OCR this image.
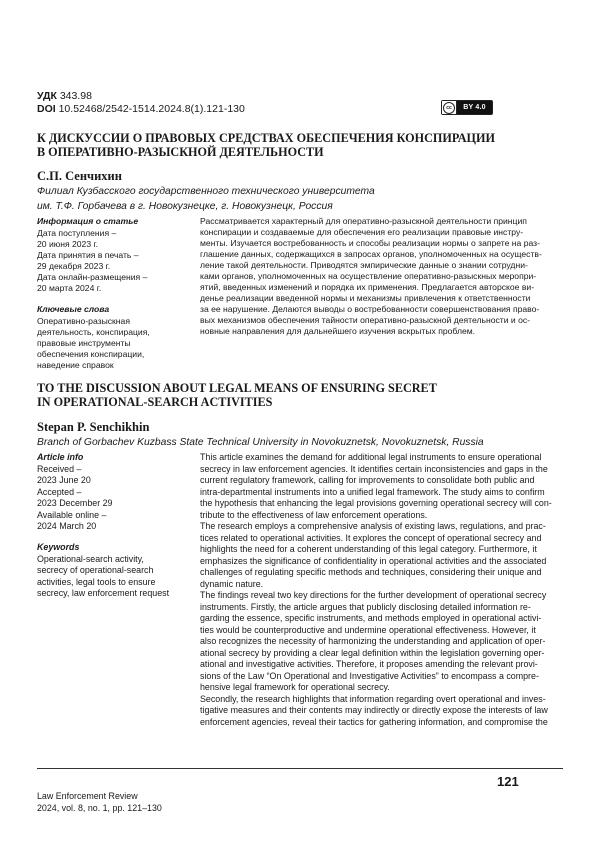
УДК 343.98
DOI 10.52468/2542-1514.2024.8(1).121-130	cc	BY 4.0
К ДИСКУССИИ О ПРАВОВЫХ СРЕДСТВАХ ОБЕСПЕЧЕНИЯ КОНСПИРАЦИИ
В ОПЕРАТИВНО-РАЗЫСКНОЙ ДЕЯТЕЛЬНОСТИ
С.П. Сенчихин
Филиал Кузбасского государственного технического университета
им. Т.Ф. Горбачева в г. Новокузнецке, г. Новокузнецк, Россия
Информация о статье
Дата поступления –
20 июня 2023 г.
Дата принятия в печать –
29 декабря 2023 г.
Дата онлайн-размещения –
20 марта 2024 г.
Ключевые слова
Оперативно-разыскная
деятельность, конспирация,
правовые инструменты
обеспечения конспирации,
наведение справок

Рассматривается характерный для оперативно-разыскной деятельности принцип

конспирации и создаваемые для обеспечения его реализации правовые инстру-

менты. Изучается востребованность и способы реализации нормы о запрете на раз-

глашение данных, содержащихся в запросах органов, уполномоченных на осуществ-

ление такой деятельности. Приводятся эмпирические данные о знании сотрудни-

ками органов, уполномоченных на осуществление оперативно-разыскных меропри-

ятий, введенных изменений и порядка их применения. Предлагается авторское ви-

денье реализации введенной нормы и механизмы привлечения к ответственности

за ее нарушение. Делаются выводы о востребованности совершенствования право-

вых механизмов обеспечения тайности оперативно-разыскной деятельности и ос-

новные направления для дальнейшего изучения вскрытых проблем.

TO THE DISCUSSION ABOUT LEGAL MEANS OF ENSURING SECRET
IN OPERATIONAL-SEARCH ACTIVITIES
Stepan P. Senchikhin
Branch of Gorbachev Kuzbass State Technical University in Novokuznetsk, Novokuznetsk, Russia
Article info
Received –
2023 June 20
Accepted –
2023 December 29
Available online –
2024 March 20
Keywords
Operational-search activity,
secrecy of operational-search
activities, legal tools to ensure
secrecy, law enforcement request

This article examines the demand for additional legal instruments to ensure operational

secrecy in law enforcement agencies. It identifies certain inconsistencies and gaps in the

current regulatory framework, calling for improvements to consolidate both public and

intra-departmental instruments into a unified legal framework. The study aims to confirm

the hypothesis that enhancing the legal provisions governing operational secrecy will con-

tribute to the effectiveness of law enforcement operations.

The research employs a comprehensive analysis of existing laws, regulations, and prac-

tices related to operational activities. It explores the concept of operational secrecy and

highlights the need for a coherent understanding of this legal category. Furthermore, it

emphasizes the significance of confidentiality in operational activities and the associated

challenges of regulating specific methods and techniques, considering their unique and

dynamic nature.

The findings reveal two key directions for the further development of operational secrecy

instruments. Firstly, the article argues that publicly disclosing detailed information re-

garding the essence, specific instruments, and methods employed in operational activi-

ties would be counterproductive and undermine operational effectiveness. However, it

also recognizes the necessity of harmonizing the understanding and application of oper-

ational secrecy by providing a clear legal definition within the legislation governing oper-

ational and investigative activities. Therefore, it proposes amending the relevant provi-

sions of the Law “On Operational and Investigative Activities” to encompass a compre-

hensive legal framework for operational secrecy.

Secondly, the research highlights that information regarding overt operational and inves-

tigative measures and their contents may indirectly or directly expose the interests of law

enforcement agencies, reveal their tactics for gathering information, and compromise the

121
Law Enforcement Review
2024, vol. 8, no. 1, pp. 121–130
